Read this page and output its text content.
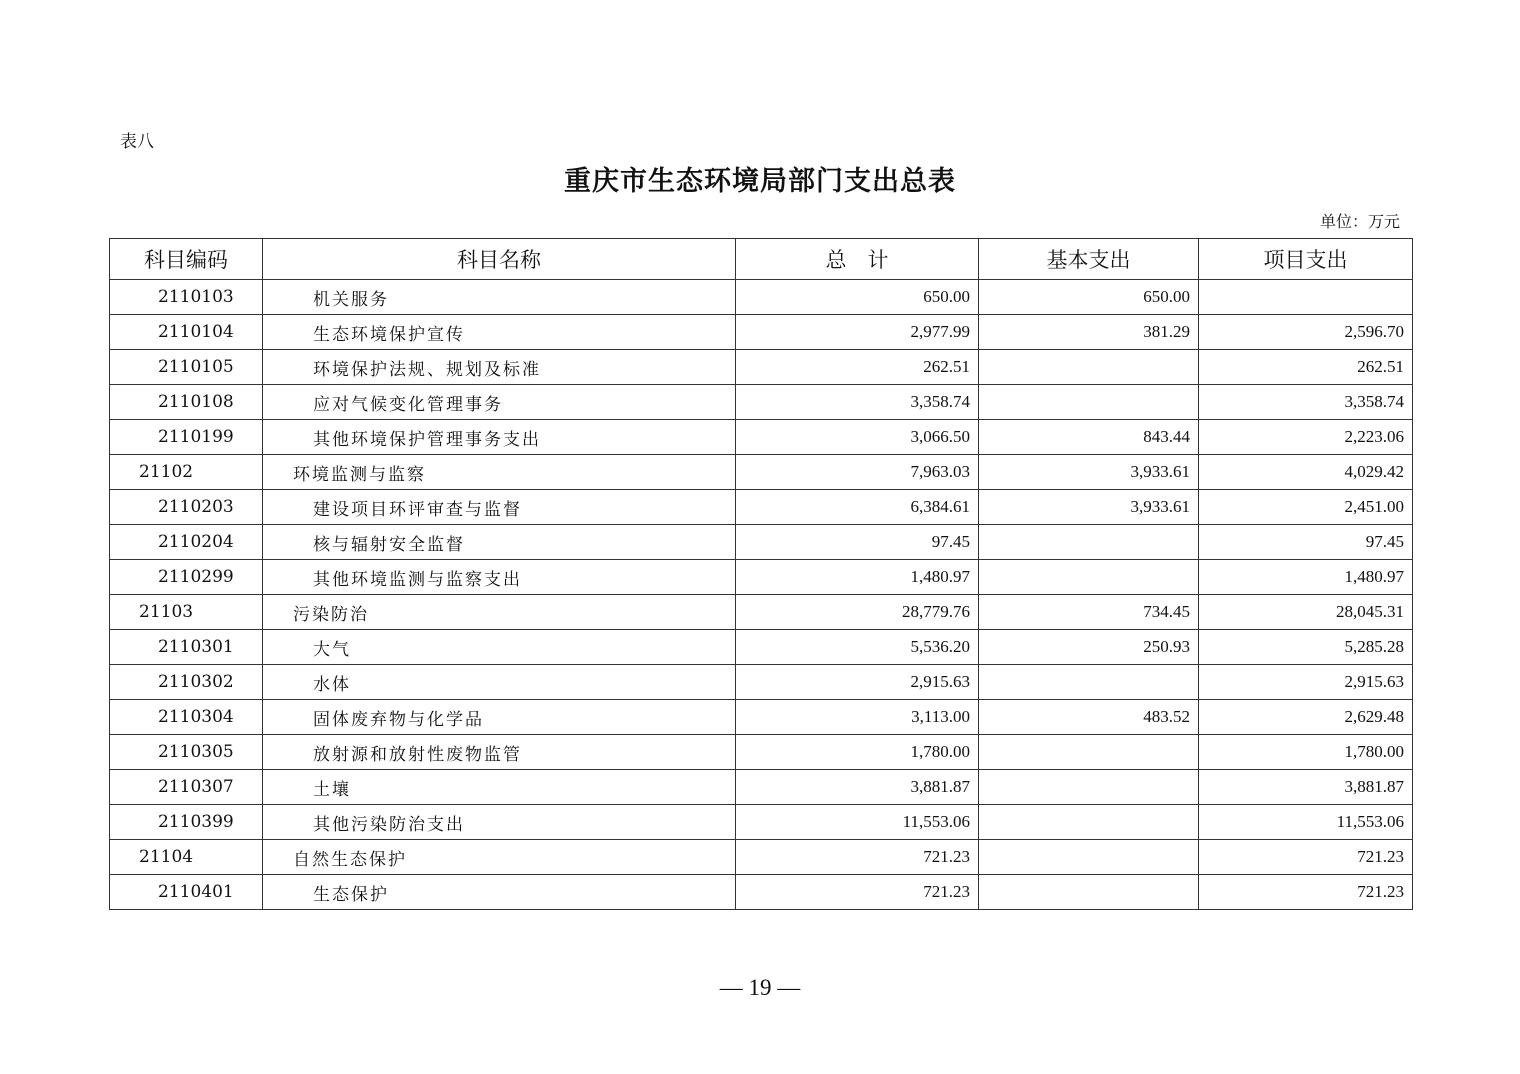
表八
重庆市生态环境局部门支出总表
单位：万元
科目编码	科目名称	总　计	基本支出	项目支出
2110103	机关服务	650.00	650.00	
2110104	生态环境保护宣传	2,977.99	381.29	2,596.70
2110105	环境保护法规、规划及标准	262.51		262.51
2110108	应对气候变化管理事务	3,358.74		3,358.74
2110199	其他环境保护管理事务支出	3,066.50	843.44	2,223.06
21102	环境监测与监察	7,963.03	3,933.61	4,029.42
2110203	建设项目环评审查与监督	6,384.61	3,933.61	2,451.00
2110204	核与辐射安全监督	97.45		97.45
2110299	其他环境监测与监察支出	1,480.97		1,480.97
21103	污染防治	28,779.76	734.45	28,045.31
2110301	大气	5,536.20	250.93	5,285.28
2110302	水体	2,915.63		2,915.63
2110304	固体废弃物与化学品	3,113.00	483.52	2,629.48
2110305	放射源和放射性废物监管	1,780.00		1,780.00
2110307	土壤	3,881.87		3,881.87
2110399	其他污染防治支出	11,553.06		11,553.06
21104	自然生态保护	721.23		721.23
2110401	生态保护	721.23		721.23
— 19 —
